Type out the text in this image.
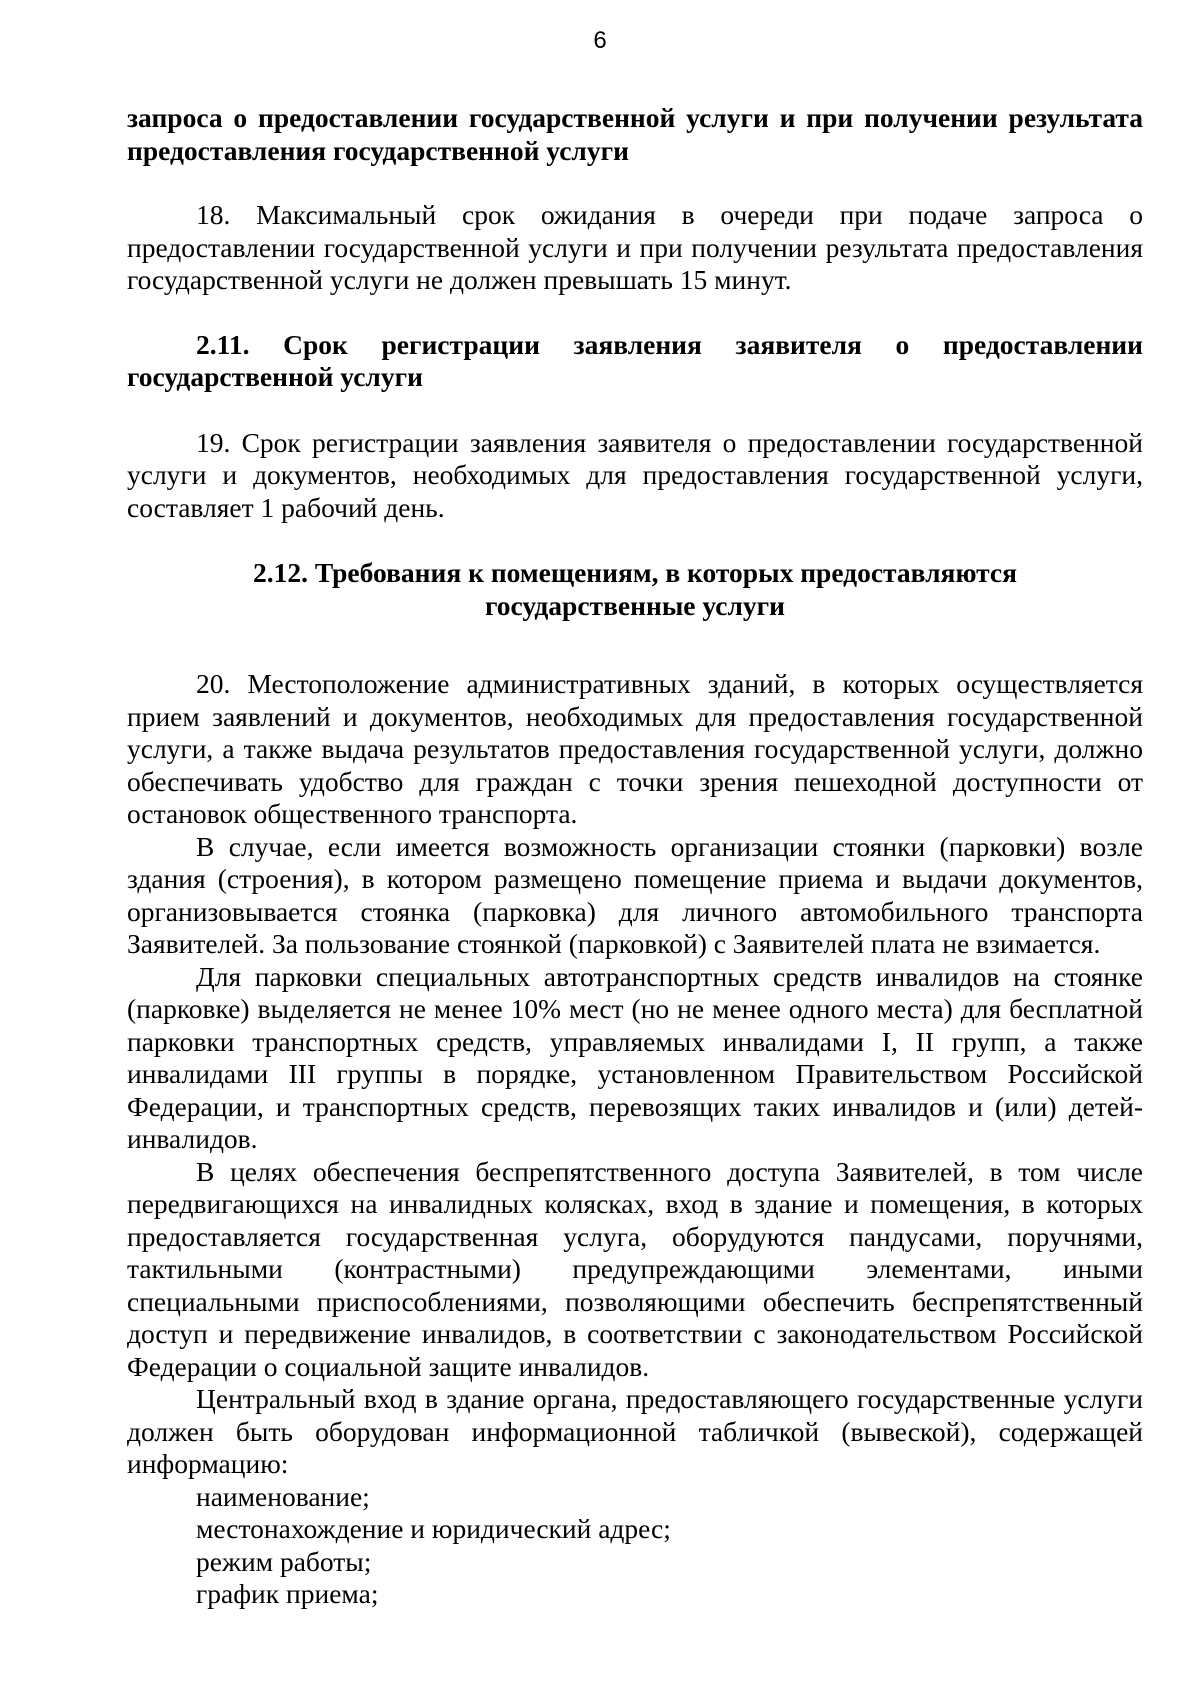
6

запроса о предоставлении государственной услуги и при получении результата предоставления государственной услуги

18. Максимальный срок ожидания в очереди при подаче запроса о предоставлении государственной услуги и при получении результата предоставления государственной услуги не должен превышать 15 минут.

2.11. Срок регистрации заявления заявителя о предоставлении государственной услуги

19. Срок регистрации заявления заявителя о предоставлении государственной услуги и документов, необходимых для предоставления государственной услуги, составляет 1 рабочий день.

2.12. Требования к помещениям, в которых предоставляются

государственные услуги

20. Местоположение административных зданий, в которых осуществляется прием заявлений и документов, необходимых для предоставления государственной услуги, а также выдача результатов предоставления государственной услуги, должно обеспечивать удобство для граждан с точки зрения пешеходной доступности от остановок общественного транспорта.

В случае, если имеется возможность организации стоянки (парковки) возле здания (строения), в котором размещено помещение приема и выдачи документов, организовывается стоянка (парковка) для личного автомобильного транспорта Заявителей. За пользование стоянкой (парковкой) с Заявителей плата не взимается.

Для парковки специальных автотранспортных средств инвалидов на стоянке (парковке) выделяется не менее 10% мест (но не менее одного места) для бесплатной парковки транспортных средств, управляемых инвалидами I, II групп, а также инвалидами III группы в порядке, установленном Правительством Российской Федерации, и транспортных средств, перевозящих таких инвалидов и (или) детей-инвалидов.

В целях обеспечения беспрепятственного доступа Заявителей, в том числе передвигающихся на инвалидных колясках, вход в здание и помещения, в которых предоставляется государственная услуга, оборудуются пандусами, поручнями, тактильными (контрастными) предупреждающими элементами, иными специальными приспособлениями, позволяющими обеспечить беспрепятственный доступ и передвижение инвалидов, в соответствии с законодательством Российской Федерации о социальной защите инвалидов.

Центральный вход в здание органа, предоставляющего государственные услуги должен быть оборудован информационной табличкой (вывеской), содержащей информацию:

наименование;

местонахождение и юридический адрес;

режим работы;

график приема;
